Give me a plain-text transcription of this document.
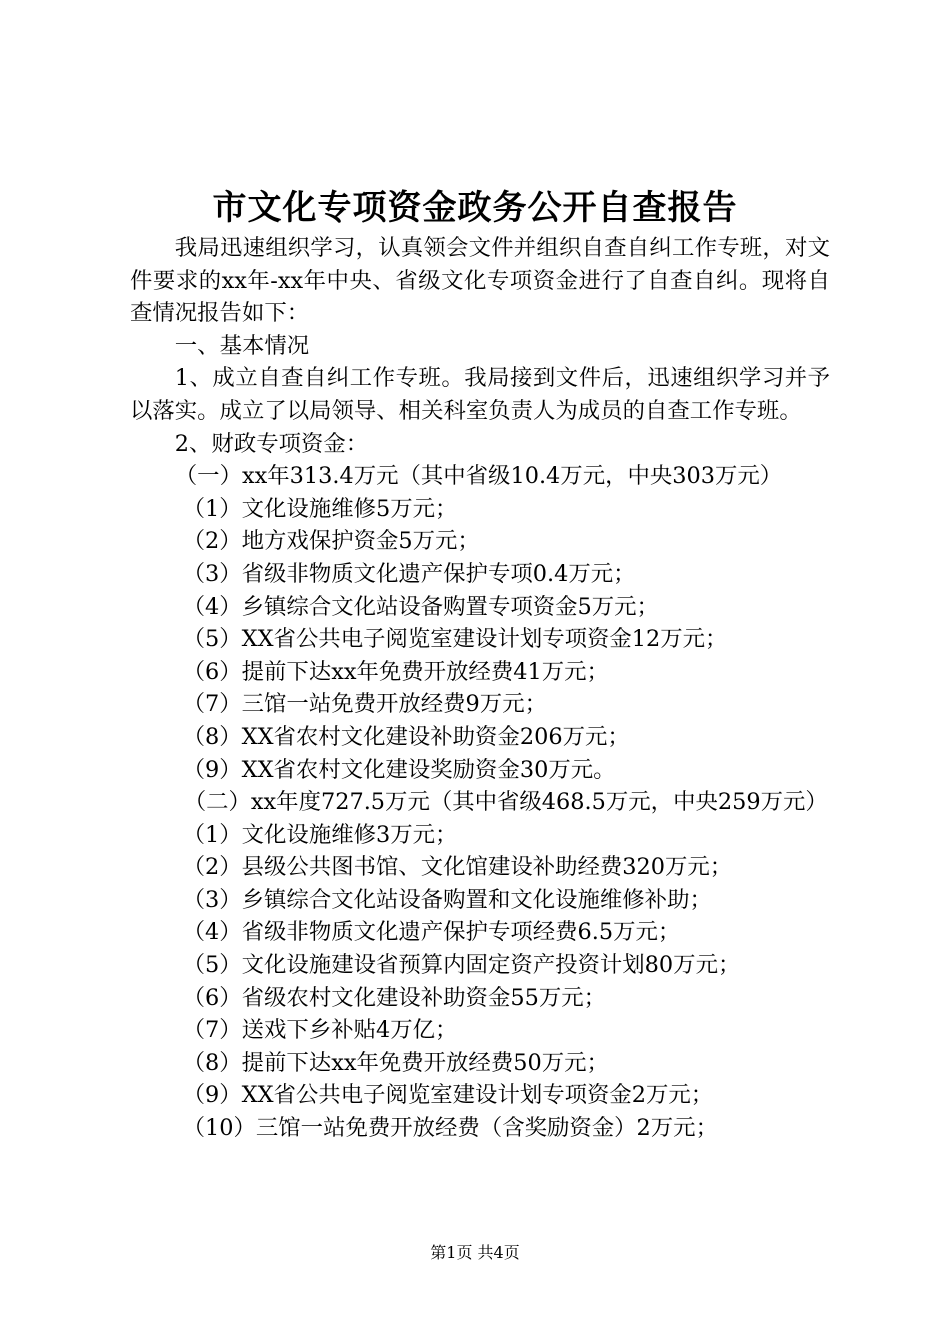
市文化专项资金政务公开自查报告

我局迅速组织学习，认真领会文件并组织自查自纠工作专班，对文件要求的xx年-xx年中央、省级文化专项资金进行了自查自纠。现将自查情况报告如下：

一、基本情况

1、成立自查自纠工作专班。我局接到文件后，迅速组织学习并予以落实。成立了以局领导、相关科室负责人为成员的自查工作专班。

2、财政专项资金：

（一）xx年313.4万元（其中省级10.4万元，中央303万元）

（1）文化设施维修5万元；

（2）地方戏保护资金5万元；

（3）省级非物质文化遗产保护专项0.4万元；

（4）乡镇综合文化站设备购置专项资金5万元；

（5）XX省公共电子阅览室建设计划专项资金12万元；

（6）提前下达xx年免费开放经费41万元；

（7）三馆一站免费开放经费9万元；

（8）XX省农村文化建设补助资金206万元；

（9）XX省农村文化建设奖励资金30万元。

（二）xx年度727.5万元（其中省级468.5万元，中央259万元）

（1）文化设施维修3万元；

（2）县级公共图书馆、文化馆建设补助经费320万元；

（3）乡镇综合文化站设备购置和文化设施维修补助；

（4）省级非物质文化遗产保护专项经费6.5万元；

（5）文化设施建设省预算内固定资产投资计划80万元；

（6）省级农村文化建设补助资金55万元；

（7）送戏下乡补贴4万亿；

（8）提前下达xx年免费开放经费50万元；

（9）XX省公共电子阅览室建设计划专项资金2万元；

（10）三馆一站免费开放经费（含奖励资金）2万元；

第1页 共4页
